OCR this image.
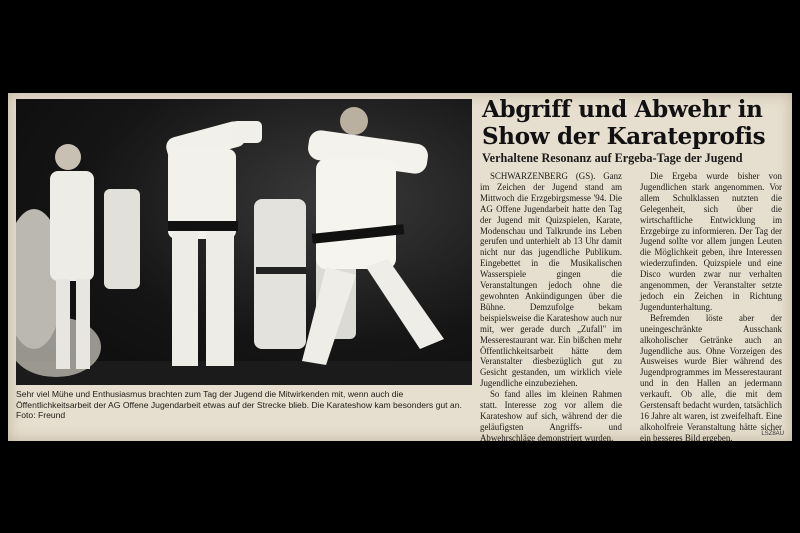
Sehr viel Mühe und Enthusiasmus brachten zum Tag der Jugend die Mitwirkenden mit, wenn auch die Öffentlichkeitsarbeit der AG Offene Jugendarbeit etwas auf der Strecke blieb. Die Karateshow kam besonders gut an. Foto: Freund

Abgriff und Abwehr in Show der Karateprofis
Verhaltene Resonanz auf Ergeba-Tage der Jugend

SCHWARZENBERG (GS). Ganz im Zeichen der Jugend stand am Mittwoch die Erzgebirgsmesse '94. Die AG Offene Jugendarbeit hatte den Tag der Jugend mit Quizspielen, Karate, Modenschau und Talkrunde ins Leben gerufen und unterhielt ab 13 Uhr damit nicht nur das jugendliche Publikum. Eingebettet in die Musikalischen Wasserspiele gingen die Veranstaltungen jedoch ohne die gewohnten Ankündigungen über die Bühne. Demzufolge bekam beispielsweise die Karateshow auch nur mit, wer gerade durch „Zufall" im Messerestaurant war. Ein bißchen mehr Öffentlichkeitsarbeit hätte dem Veranstalter diesbezüglich gut zu Gesicht gestanden, um wirklich viele Jugendliche einzubeziehen.

So fand alles im kleinen Rahmen statt. Interesse zog vor allem die Karateshow auf sich, während der die geläufigsten Angriffs- und Abwehrschläge demonstriert wurden.

Die Ergeba wurde bisher von Jugendlichen stark angenommen. Vor allem Schulklassen nutzten die Gelegenheit, sich über die wirtschaftliche Entwicklung im Erzgebirge zu informieren. Der Tag der Jugend sollte vor allem jungen Leuten die Möglichkeit geben, ihre Interessen wiederzufinden. Quizspiele und eine Disco wurden zwar nur verhalten angenommen, der Veranstalter setzte jedoch ein Zeichen in Richtung Jugendunterhaltung.

Befremden löste aber der uneingeschränkte Ausschank alkoholischer Getränke auch an Jugendliche aus. Ohne Vorzeigen des Ausweises wurde Bier während des Jugendprogrammes im Messerestaurant und in den Hallen an jedermann verkauft. Ob alle, die mit dem Gerstensaft bedacht wurden, tatsächlich 16 Jahre alt waren, ist zweifelhaft. Eine alkoholfreie Veranstaltung hätte sicher ein besseres Bild ergeben.	LSZ8AU
